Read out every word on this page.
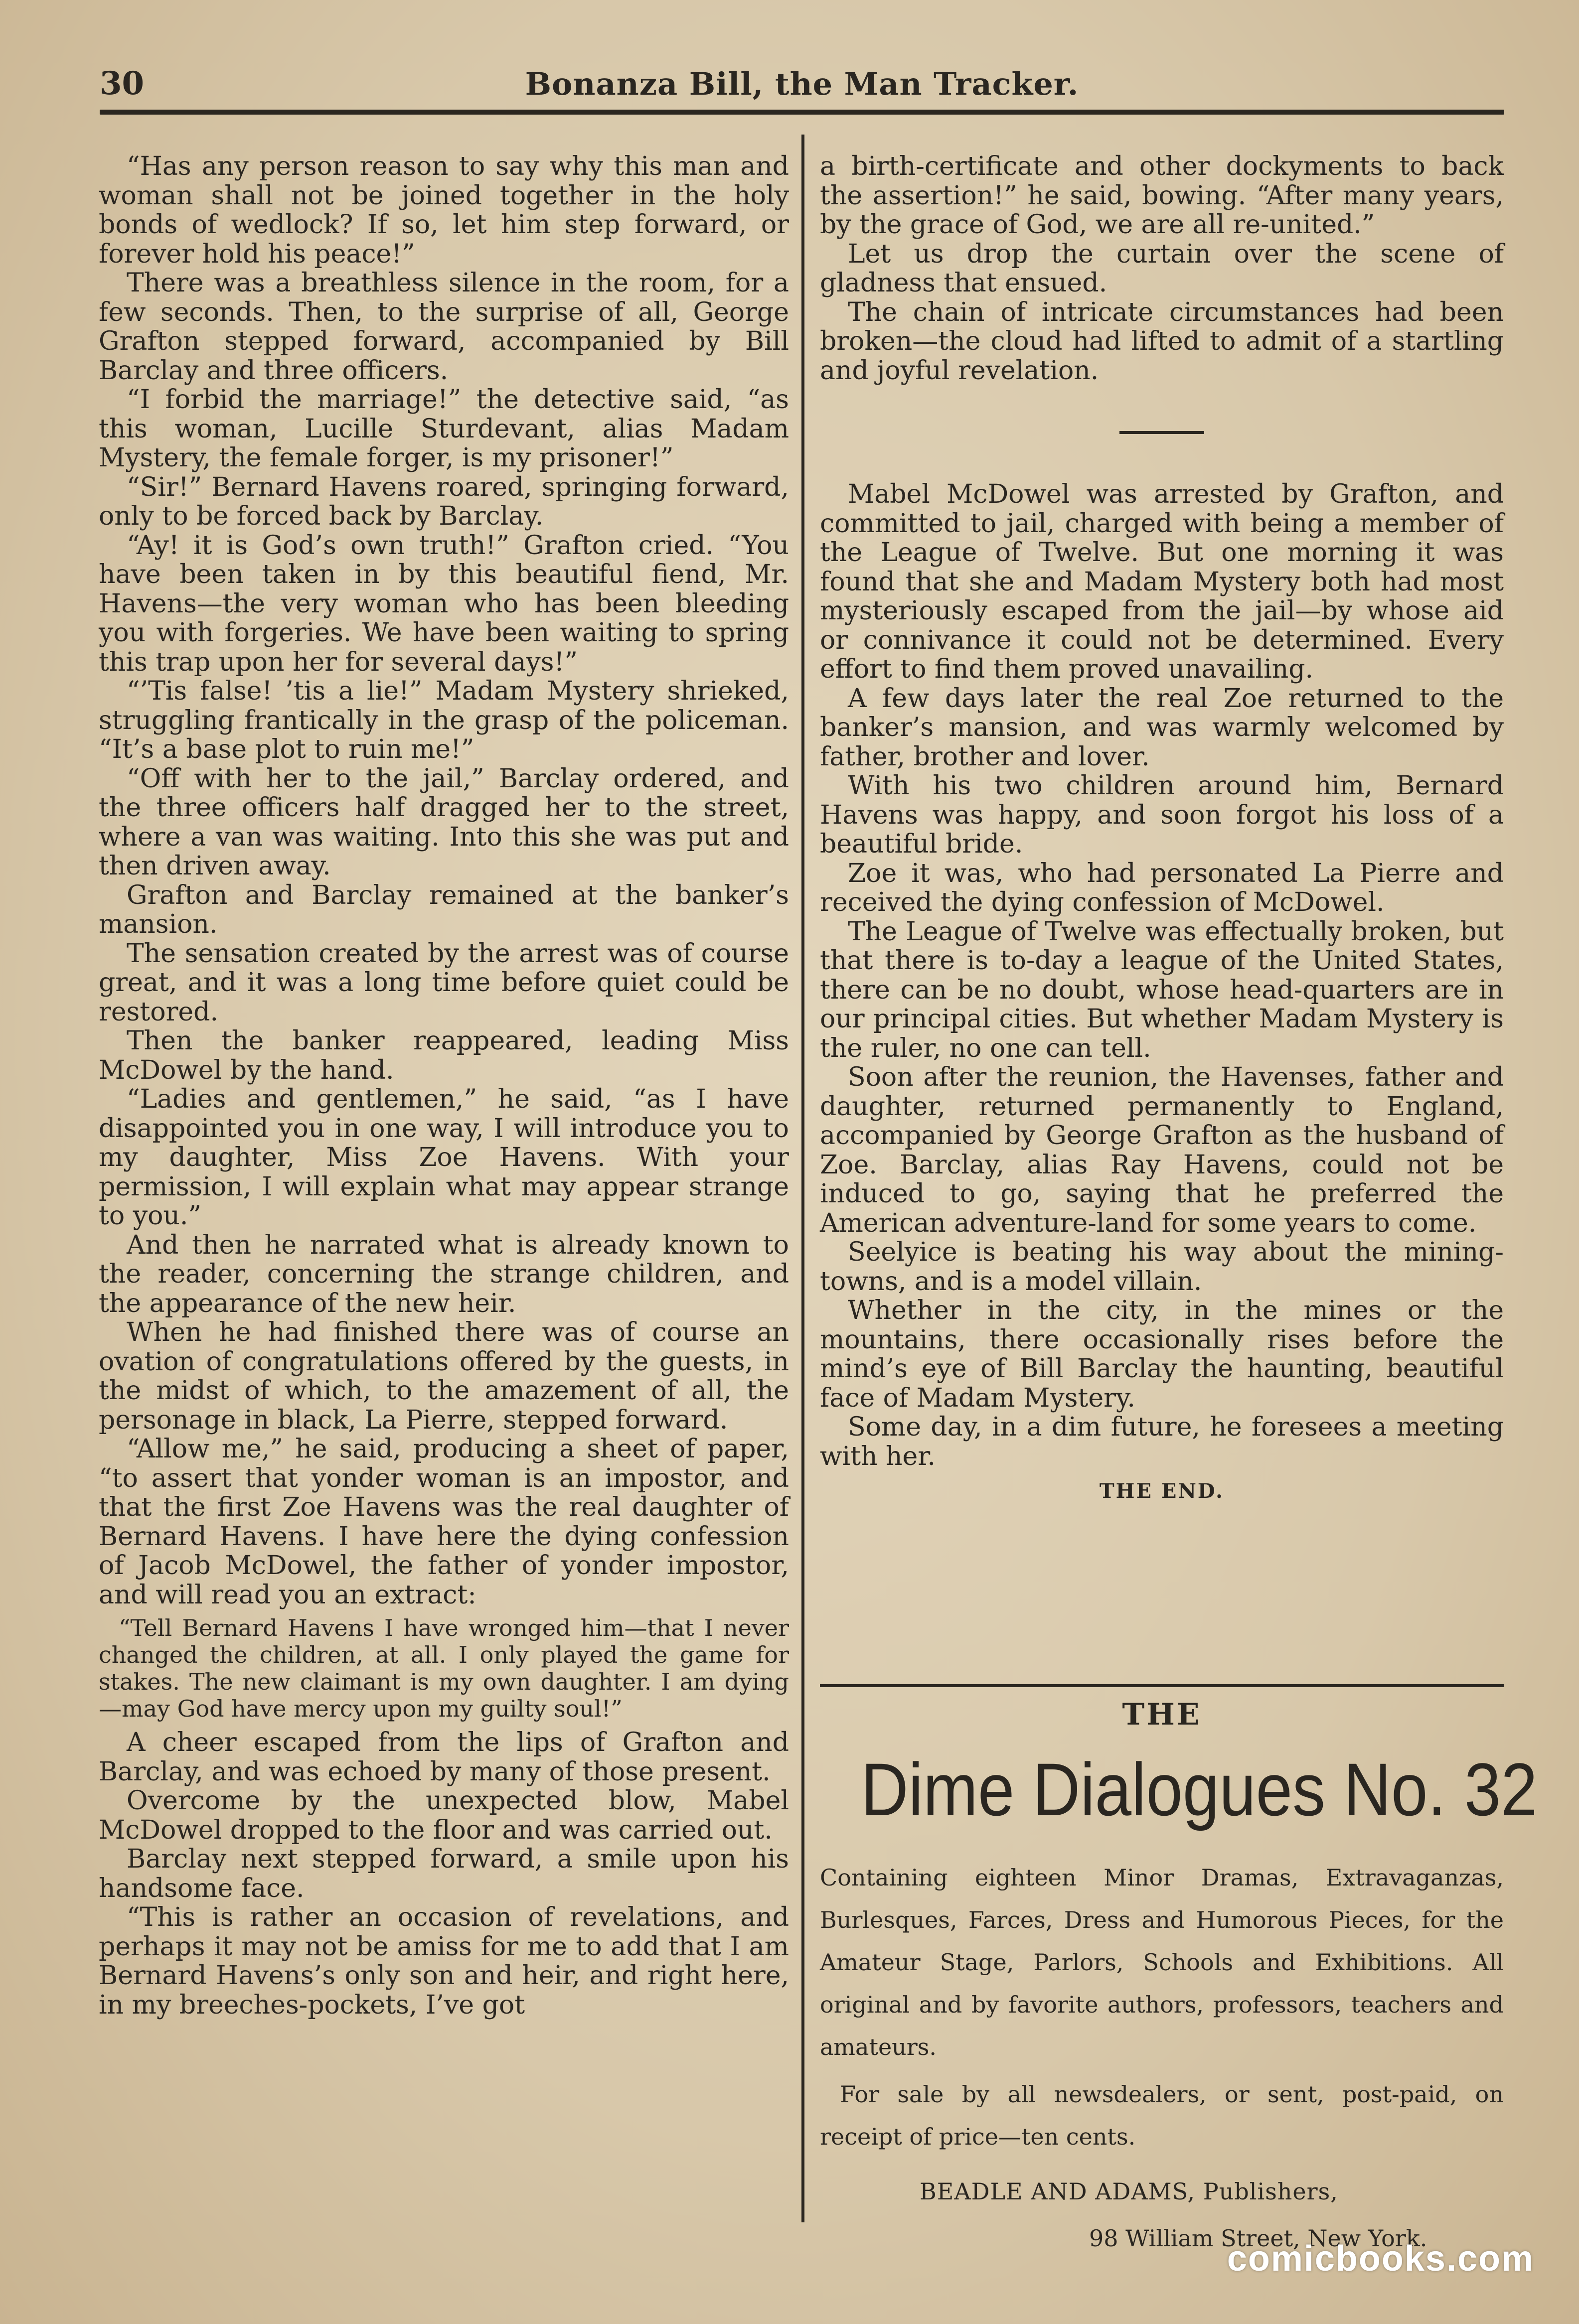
30	Bonanza Bill, the Man Tracker.

“Has any person reason to say why this man and woman shall not be joined together in the holy bonds of wedlock? If so, let him step forward, or forever hold his peace!”

There was a breathless silence in the room, for a few seconds. Then, to the surprise of all, George Grafton stepped forward, accompanied by Bill Barclay and three officers.

“I forbid the marriage!” the detective said, “as this woman, Lucille Sturdevant, alias Madam Mystery, the female forger, is my prisoner!”

“Sir!” Bernard Havens roared, springing forward, only to be forced back by Barclay.

“Ay! it is God’s own truth!” Grafton cried. “You have been taken in by this beautiful fiend, Mr. Havens—the very woman who has been bleeding you with forgeries. We have been waiting to spring this trap upon her for several days!”

“’Tis false! ’tis a lie!” Madam Mystery shrieked, struggling frantically in the grasp of the policeman. “It’s a base plot to ruin me!”

“Off with her to the jail,” Barclay ordered, and the three officers half dragged her to the street, where a van was waiting. Into this she was put and then driven away.

Grafton and Barclay remained at the banker’s mansion.

The sensation created by the arrest was of course great, and it was a long time before quiet could be restored.

Then the banker reappeared, leading Miss McDowel by the hand.

“Ladies and gentlemen,” he said, “as I have disappointed you in one way, I will introduce you to my daughter, Miss Zoe Havens. With your permission, I will explain what may appear strange to you.”

And then he narrated what is already known to the reader, concerning the strange children, and the appearance of the new heir.

When he had finished there was of course an ovation of congratulations offered by the guests, in the midst of which, to the amazement of all, the personage in black, La Pierre, stepped forward.

“Allow me,” he said, producing a sheet of paper, “to assert that yonder woman is an impostor, and that the first Zoe Havens was the real daughter of Bernard Havens. I have here the dying confession of Jacob McDowel, the father of yonder impostor, and will read you an extract:

“Tell Bernard Havens I have wronged him—that I never changed the children, at all. I only played the game for stakes. The new claimant is my own daughter. I am dying—may God have mercy upon my guilty soul!”

A cheer escaped from the lips of Grafton and Barclay, and was echoed by many of those present.

Overcome by the unexpected blow, Mabel McDowel dropped to the floor and was carried out.

Barclay next stepped forward, a smile upon his handsome face.

“This is rather an occasion of revelations, and perhaps it may not be amiss for me to add that I am Bernard Havens’s only son and heir, and right here, in my breeches-pockets, I’ve got

a birth-certificate and other dockyments to back the assertion!” he said, bowing. “After many years, by the grace of God, we are all re-united.”

Let us drop the curtain over the scene of gladness that ensued.

The chain of intricate circumstances had been broken—the cloud had lifted to admit of a startling and joyful revelation.

Mabel McDowel was arrested by Grafton, and committed to jail, charged with being a member of the League of Twelve. But one morning it was found that she and Madam Mystery both had most mysteriously escaped from the jail—by whose aid or connivance it could not be determined. Every effort to find them proved unavailing.

A few days later the real Zoe returned to the banker’s mansion, and was warmly welcomed by father, brother and lover.

With his two children around him, Bernard Havens was happy, and soon forgot his loss of a beautiful bride.

Zoe it was, who had personated La Pierre and received the dying confession of McDowel.

The League of Twelve was effectually broken, but that there is to-day a league of the United States, there can be no doubt, whose head-quarters are in our principal cities. But whether Madam Mystery is the ruler, no one can tell.

Soon after the reunion, the Havenses, father and daughter, returned permanently to England, accompanied by George Grafton as the husband of Zoe. Barclay, alias Ray Havens, could not be induced to go, saying that he preferred the American adventure-land for some years to come.

Seelyice is beating his way about the mining-towns, and is a model villain.

Whether in the city, in the mines or the mountains, there occasionally rises before the mind’s eye of Bill Barclay the haunting, beautiful face of Madam Mystery.

Some day, in a dim future, he foresees a meeting with her.

THE END.
THE
Dime Dialogues No. 32

Containing eighteen Minor Dramas, Extravaganzas, Burlesques, Farces, Dress and Humorous Pieces, for the Amateur Stage, Parlors, Schools and Exhibitions. All original and by favorite authors, professors, teachers and amateurs.

For sale by all newsdealers, or sent, post-paid, on receipt of price—ten cents.

BEADLE AND ADAMS, Publishers,
98 William Street, New York.
comicbooks.com
